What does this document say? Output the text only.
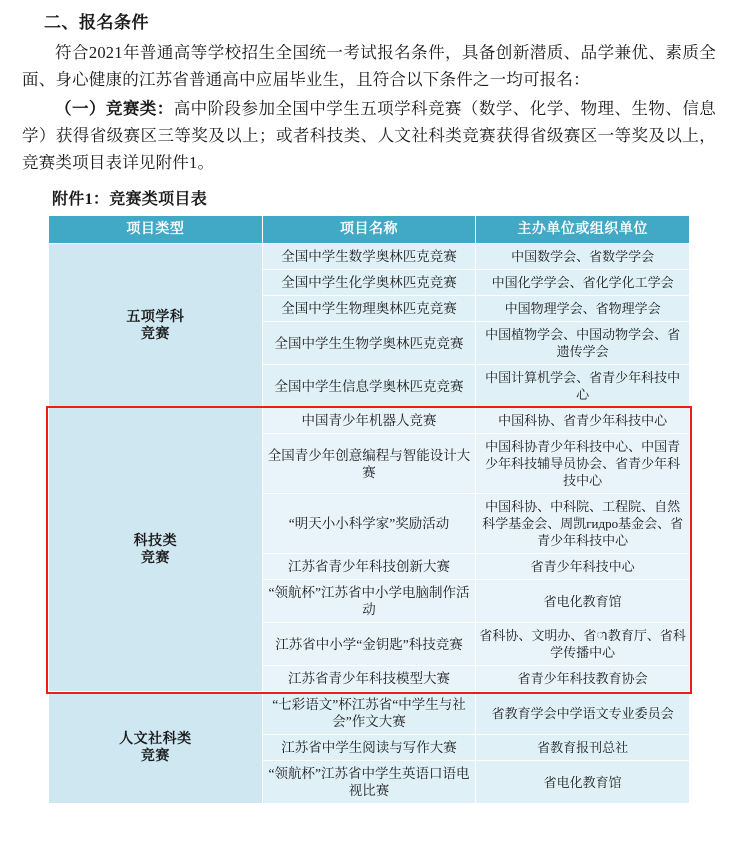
二、报名条件
符合2021年普通高等学校招生全国统一考试报名条件，具备创新潜质、品学兼优、素质全面、身心健康的江苏省普通高中应届毕业生，且符合以下条件之一均可报名：
（一）竞赛类：高中阶段参加全国中学生五项学科竞赛（数学、化学、物理、生物、信息学）获得省级赛区三等奖及以上；或者科技类、人文社科类竞赛获得省级赛区一等奖及以上，竞赛类项目表详见附件1。
附件1：竞赛类项目表
项目类型	项目名称	主办单位或组织单位

五项学科
竞赛	全国中学生数学奥林匹克竞赛	中国数学会、省数学学会
	全国中学生化学奥林匹克竞赛	中国化学学会、省化学化工学会
	全国中学生物理奥林匹克竞赛	中国物理学会、省物理学会
	全国中学生生物学奥林匹克竞赛	中国植物学会、中国动物学会、省遗传学会
	全国中学生信息学奥林匹克竞赛	中国计算机学会、省青少年科技中心

科技类
竞赛	中国青少年机器人竞赛	中国科协、省青少年科技中心
	全国青少年创意编程与智能设计大赛	中国科协青少年科技中心、中国青少年科技辅导员协会、省青少年科技中心
	“明天小小科学家”奖励活动	中国科协、中科院、工程院、自然科学基金会、周凯гидро基金会、省青少年科技中心
	江苏省青少年科技创新大赛	省青少年科技中心
	“领航杯”江苏省中小学电脑制作活动	省电化教育馆
	江苏省中小学“金钥匙”科技竞赛	省科协、文明办、省ា教育厅、省科学传播中心
	江苏省青少年科技模型大赛	省青少年科技教育协会

人文社科类
竞赛	“七彩语文”杯江苏省“中学生与社会”作文大赛	省教育学会中学语文专业委员会
	江苏省中学生阅读与写作大赛	省教育报刊总社
	“领航杯”江苏省中学生英语口语电视比赛	省电化教育馆
